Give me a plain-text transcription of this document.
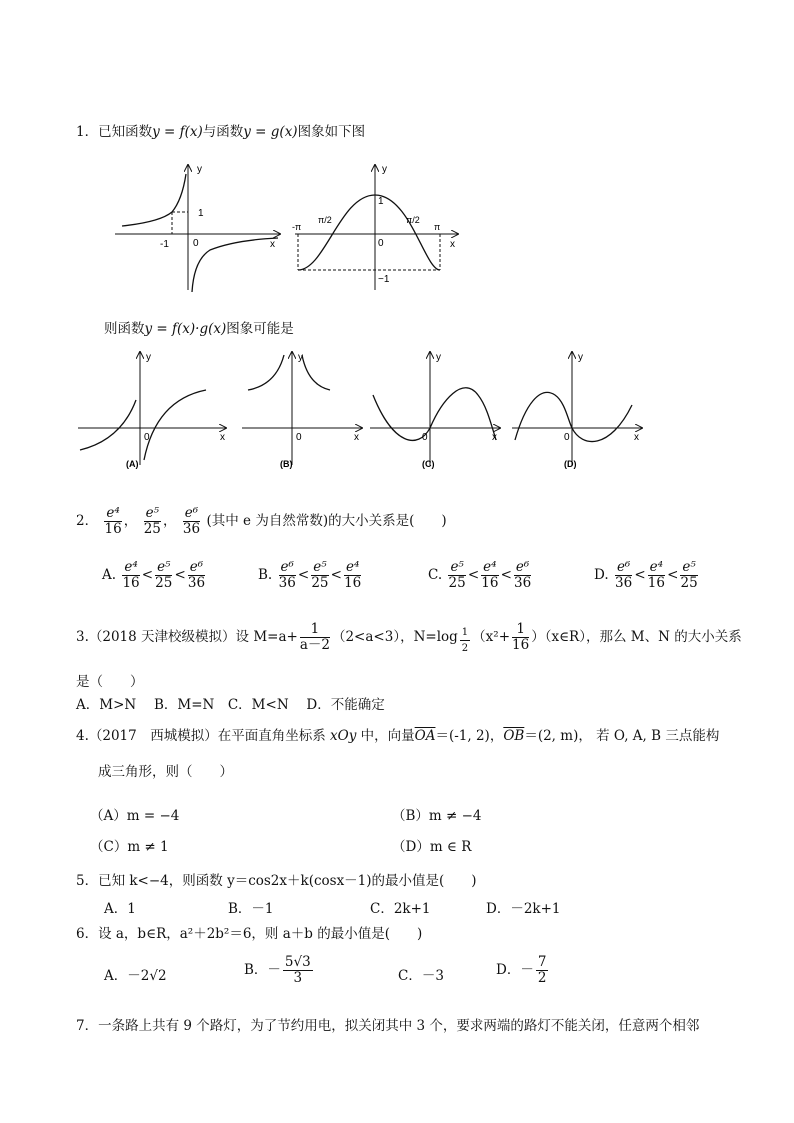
1．已知函数y = f(x)与函数y = g(x)图象如下图
y
x
0
1
-1
y
x
0
1
−1
-π
π/2	π/2
π
则函数y = f(x)·g(x)图象可能是
y
x
0
(A)
y
x
0
(B)
y
x
0
(C)
y
x
0
(D)
2． $\frac{\text{e⁴}}{16}$ ， $\frac{\text{e⁵}}{25}$ ， $\frac{\text{e⁶}}{36}$ (其中 e 为自然常数)的大小关系是(　　)
A. $\frac{\text{e⁴}}{16} < \frac{\text{e⁵}}{25} < \frac{\text{e⁶}}{36}$	B. $\frac{\text{e⁶}}{36} < \frac{\text{e⁵}}{25} < \frac{\text{e⁴}}{16}$	C. $\frac{\text{e⁵}}{25} < \frac{\text{e⁴}}{16} < \frac{\text{e⁶}}{36}$	D. $\frac{\text{e⁶}}{36} < \frac{\text{e⁴}}{16} < \frac{\text{e⁵}}{25}$
3.（2018 天津校级模拟）设 $M=a+ \frac{1}{a-2} (2<a<3)$，$N=\log \frac{1}{2} (x^2+ \frac{1}{16}$ ）（x∈R），那么 M、N 的大小关系
是（　　）
A．M>N　 B．M=N　C．M<N　 D．不能确定
4.（2017　西城模拟）在平面直角坐标系 xOy 中，向量$\overline{OA}=(-1$, 2)，$\overline{OB}=(2$, m)， 若 O, A, B 三点能构
成三角形，则（　　）
（A）m = −4	（B）m ≠ −4
（C）m ≠ 1	（D）m ∈ R
5．已知 k<−4，则函数 y＝cos2x＋k(cosx－1)的最小值是(　　)
A．1	B．－1	C．2k+1	D．－2k+1
6．设 a，b∈R，a²＋2b²＝6，则 a＋b 的最小值是(　　)
A．－2√2	B．－ $\frac{5√3}{3}$	C．－3	D．－ $\frac{7}{2}$
7．一条路上共有 9 个路灯，为了节约用电，拟关闭其中 3 个，要求两端的路灯不能关闭，任意两个相邻
